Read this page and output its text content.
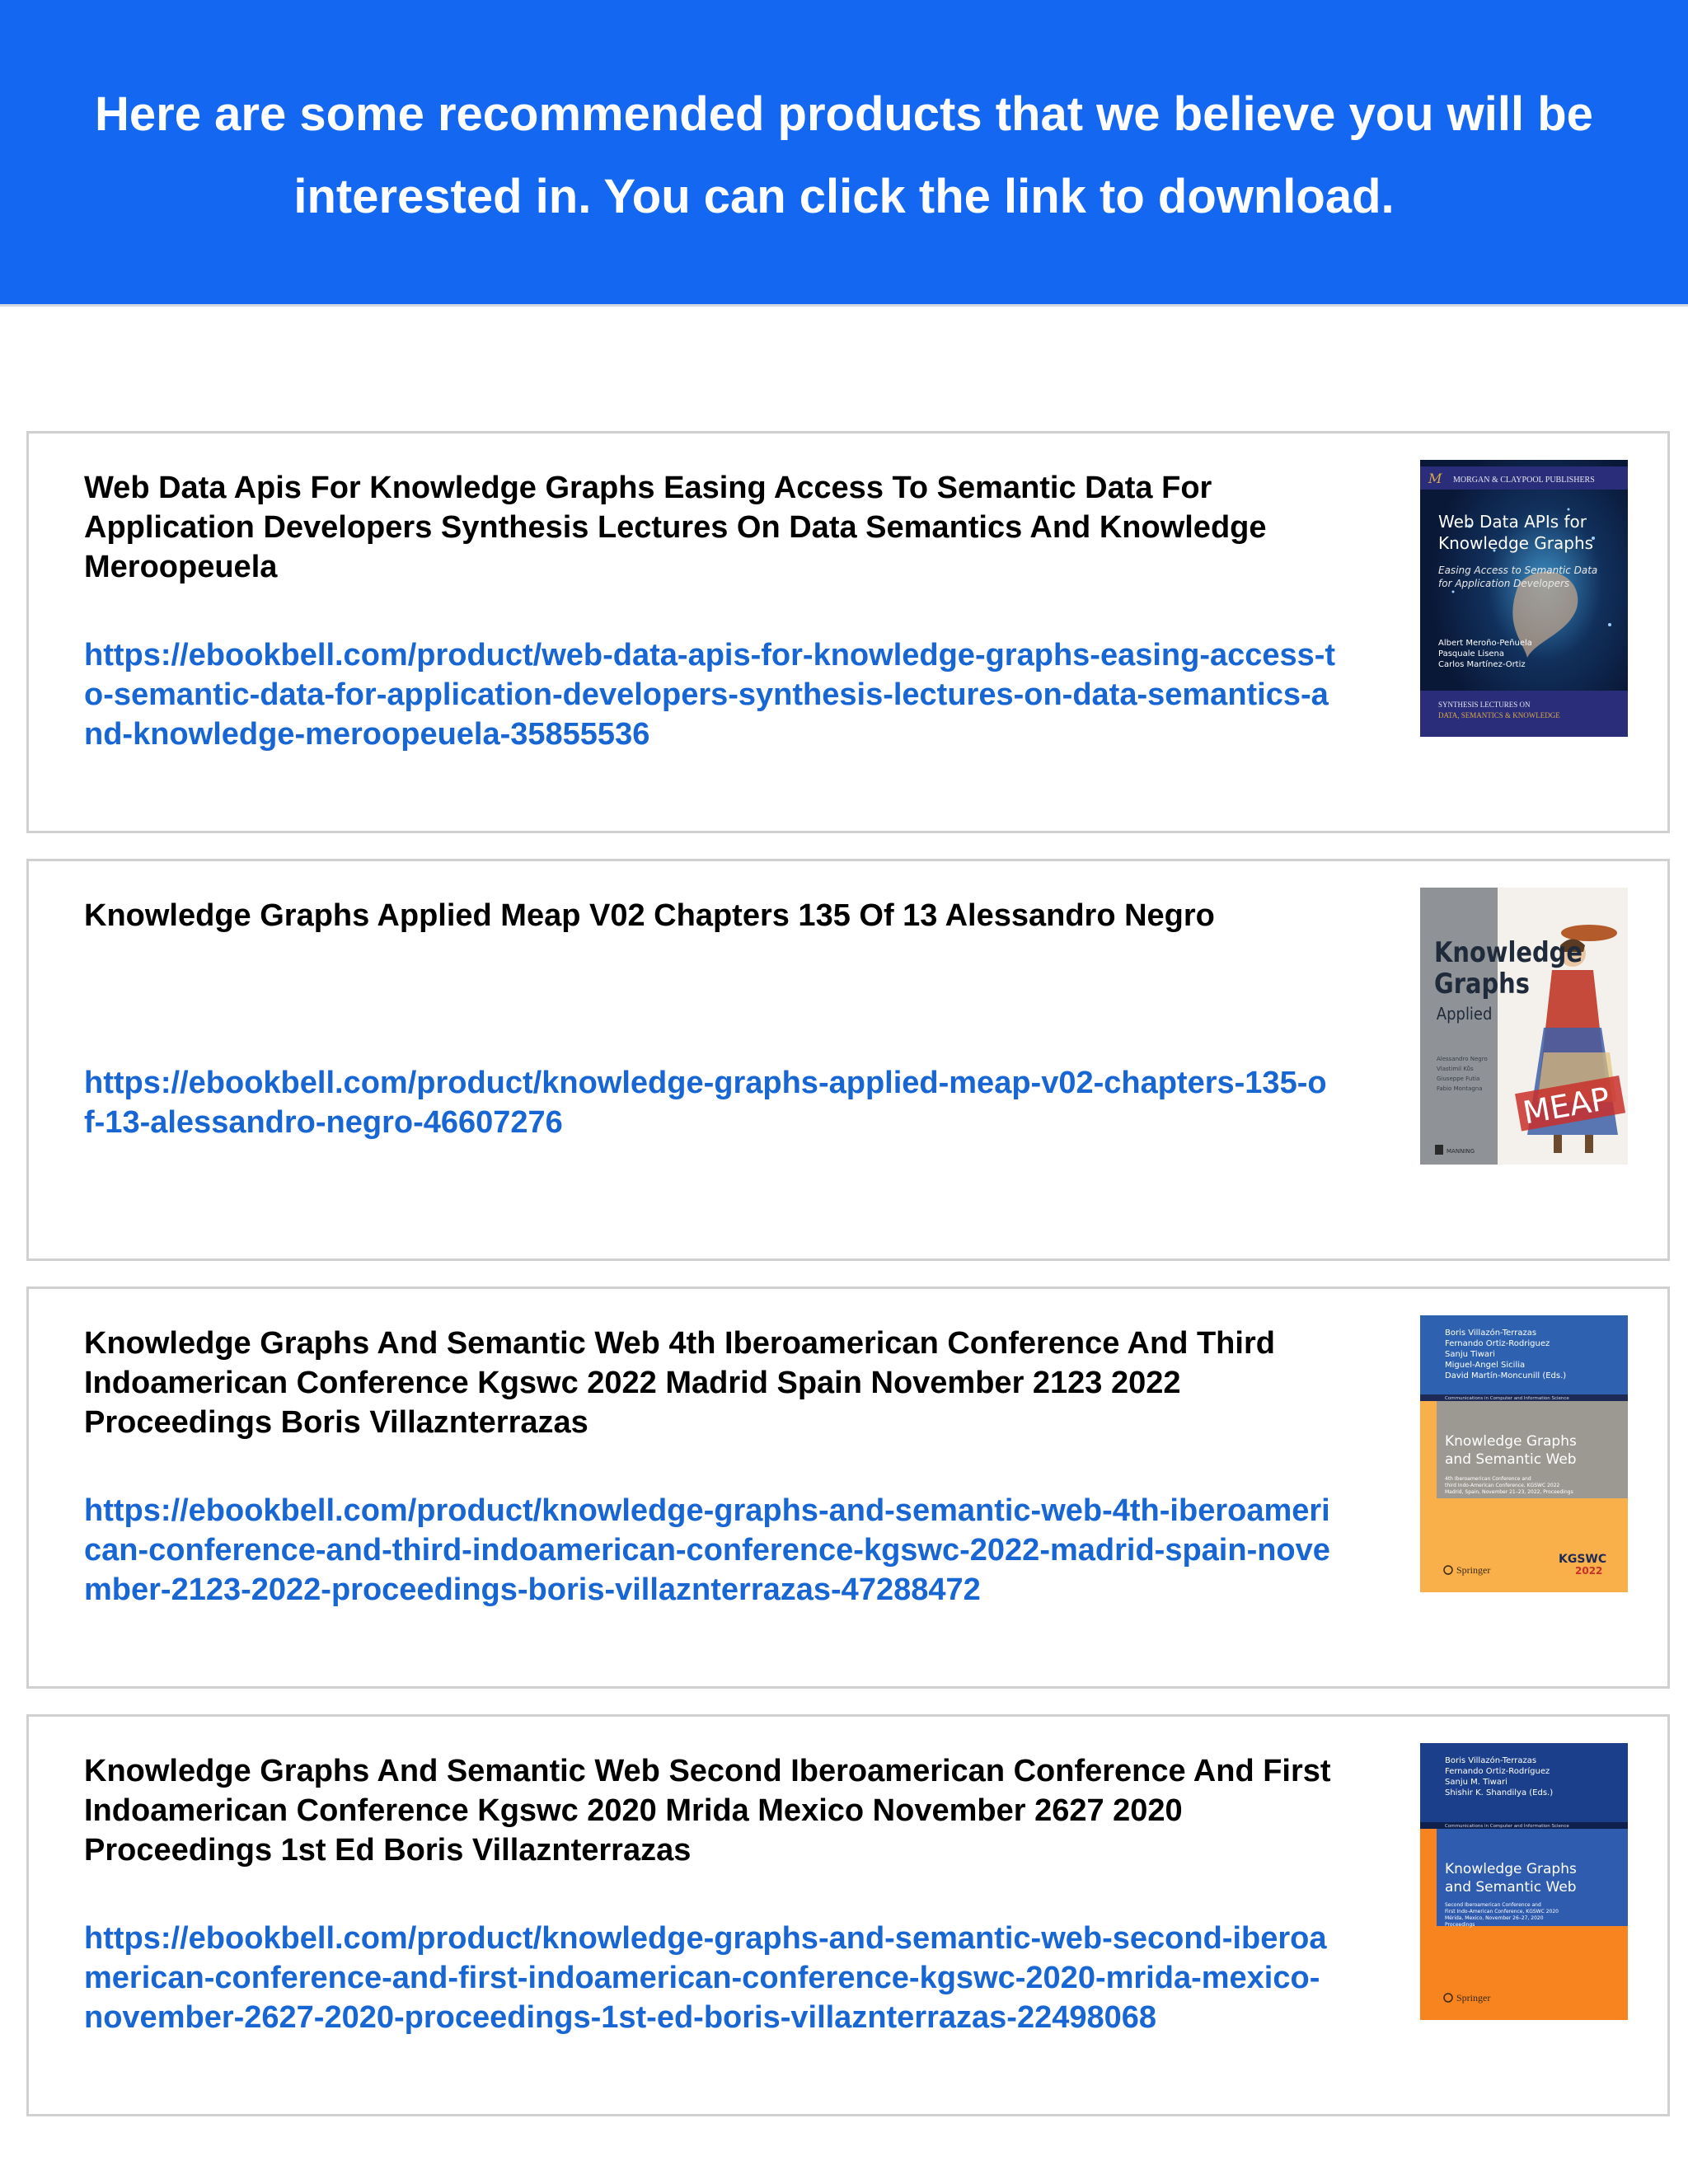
Here are some recommended products that we believe you will be interested in. You can click the link to download.

Web Data Apis For Knowledge Graphs Easing Access To Semantic Data For Application Developers Synthesis Lectures On Data Semantics And Knowledge Meroopeuela

https://ebookbell.com/product/web-data-apis-for-knowledge-graphs-easing-access-to-semantic-data-for-application-developers-synthesis-lectures-on-data-semantics-and-knowledge-meroopeuela-35855536
M MORGAN & CLAYPOOL PUBLISHERS
Web Data APIs for
Knowledge Graphs
Easing Access to Semantic Data
for Application Developers
Albert Meroño-Peñuela
Pasquale Lisena
Carlos Martínez-Ortiz
SYNTHESIS LECTURES ON
DATA, SEMANTICS & KNOWLEDGE

Knowledge Graphs Applied Meap V02 Chapters 135 Of 13 Alessandro Negro

https://ebookbell.com/product/knowledge-graphs-applied-meap-v02-chapters-135-of-13-alessandro-negro-46607276
Knowledge
Graphs
Applied
Alessandro Negro
Vlastimil Kůs
Giuseppe Futia
Fabio Montagna MEAP
MANNING

Knowledge Graphs And Semantic Web 4th Iberoamerican Conference And Third Indoamerican Conference Kgswc 2022 Madrid Spain November 2123 2022 Proceedings Boris Villaznterrazas

https://ebookbell.com/product/knowledge-graphs-and-semantic-web-4th-iberoamerican-conference-and-third-indoamerican-conference-kgswc-2022-madrid-spain-november-2123-2022-proceedings-boris-villaznterrazas-47288472
Boris Villazón-Terrazas
Fernando Ortiz-Rodriguez
Sanju Tiwari
Miguel-Angel Sicilia
David Martín-Moncunill (Eds.)
Communications in Computer and Information Science
Knowledge Graphs
and Semantic Web
4th Iberoamerican Conference and
third Indo-American Conference, KGSWC 2022
Madrid, Spain, November 21–23, 2022, Proceedings
Springer
KGSWC
2022

Knowledge Graphs And Semantic Web Second Iberoamerican Conference And First Indoamerican Conference Kgswc 2020 Mrida Mexico November 2627 2020 Proceedings 1st Ed Boris Villaznterrazas

https://ebookbell.com/product/knowledge-graphs-and-semantic-web-second-iberoamerican-conference-and-first-indoamerican-conference-kgswc-2020-mrida-mexico-november-2627-2020-proceedings-1st-ed-boris-villaznterrazas-22498068
Boris Villazón-Terrazas
Fernando Ortiz-Rodríguez
Sanju M. Tiwari
Shishir K. Shandilya (Eds.)
Communications in Computer and Information Science
Knowledge Graphs
and Semantic Web
Second Iberoamerican Conference and
First Indo-American Conference, KGSWC 2020
Mérida, Mexico, November 26–27, 2020
Proceedings
Springer
